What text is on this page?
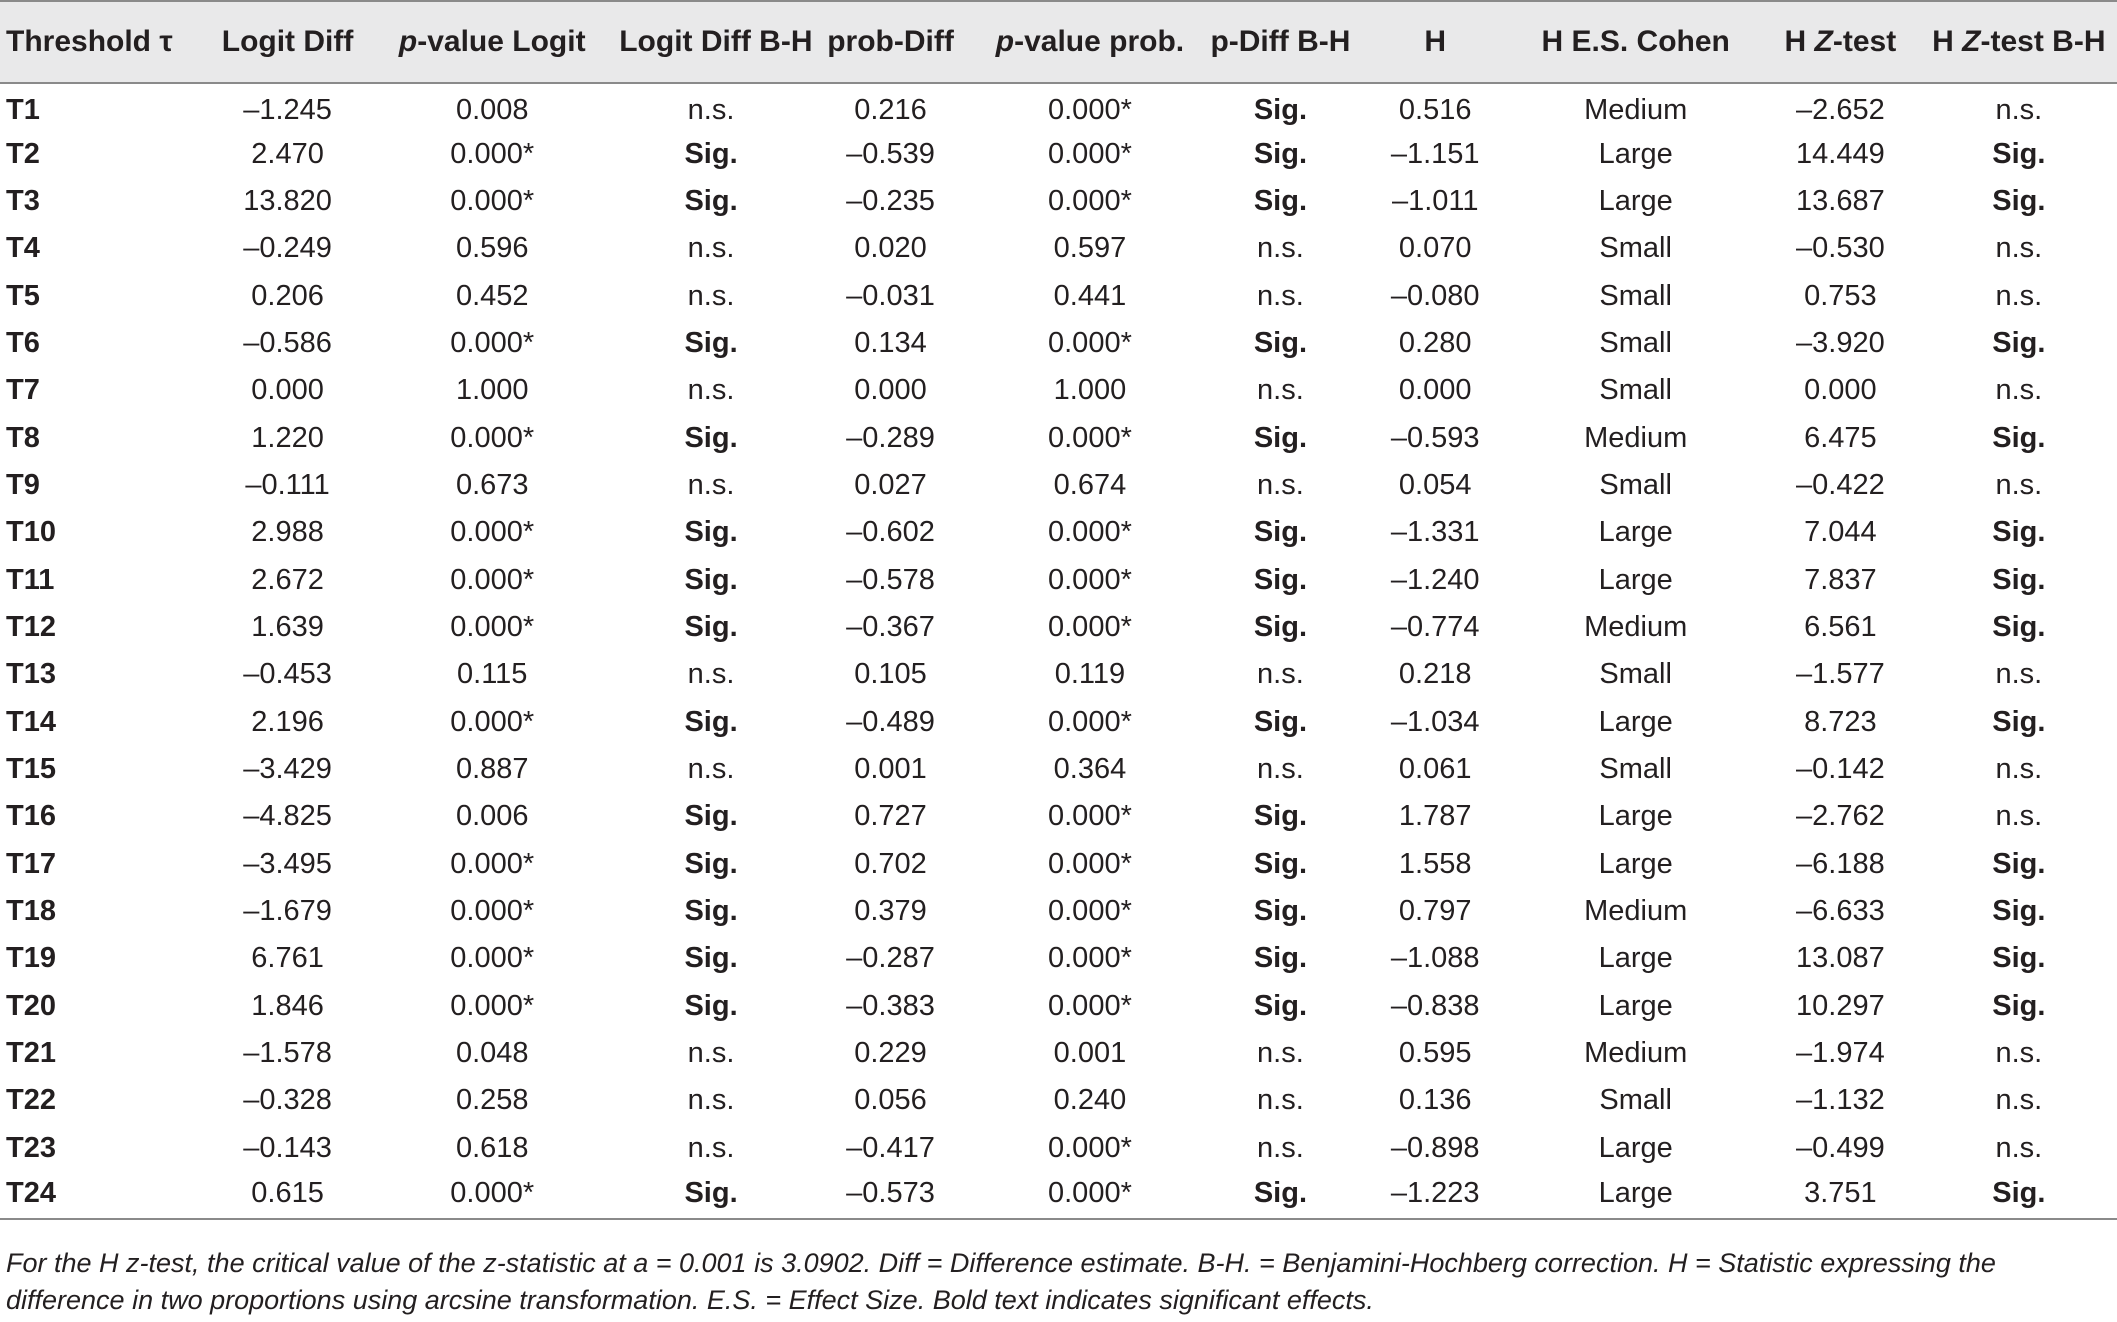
Threshold τ	Logit Diff	p-value Logit	Logit Diff B-H	prob-Diff	p-value prob.	p-Diff B-H	H	H E.S. Cohen	H Z-test	H Z-test B-H
T1	–1.245	0.008	n.s.	0.216	0.000*	Sig.	0.516	Medium	–2.652	n.s.
T2	2.470	0.000*	Sig.	–0.539	0.000*	Sig.	–1.151	Large	14.449	Sig.
T3	13.820	0.000*	Sig.	–0.235	0.000*	Sig.	–1.011	Large	13.687	Sig.
T4	–0.249	0.596	n.s.	0.020	0.597	n.s.	0.070	Small	–0.530	n.s.
T5	0.206	0.452	n.s.	–0.031	0.441	n.s.	–0.080	Small	0.753	n.s.
T6	–0.586	0.000*	Sig.	0.134	0.000*	Sig.	0.280	Small	–3.920	Sig.
T7	0.000	1.000	n.s.	0.000	1.000	n.s.	0.000	Small	0.000	n.s.
T8	1.220	0.000*	Sig.	–0.289	0.000*	Sig.	–0.593	Medium	6.475	Sig.
T9	–0.111	0.673	n.s.	0.027	0.674	n.s.	0.054	Small	–0.422	n.s.
T10	2.988	0.000*	Sig.	–0.602	0.000*	Sig.	–1.331	Large	7.044	Sig.
T11	2.672	0.000*	Sig.	–0.578	0.000*	Sig.	–1.240	Large	7.837	Sig.
T12	1.639	0.000*	Sig.	–0.367	0.000*	Sig.	–0.774	Medium	6.561	Sig.
T13	–0.453	0.115	n.s.	0.105	0.119	n.s.	0.218	Small	–1.577	n.s.
T14	2.196	0.000*	Sig.	–0.489	0.000*	Sig.	–1.034	Large	8.723	Sig.
T15	–3.429	0.887	n.s.	0.001	0.364	n.s.	0.061	Small	–0.142	n.s.
T16	–4.825	0.006	Sig.	0.727	0.000*	Sig.	1.787	Large	–2.762	n.s.
T17	–3.495	0.000*	Sig.	0.702	0.000*	Sig.	1.558	Large	–6.188	Sig.
T18	–1.679	0.000*	Sig.	0.379	0.000*	Sig.	0.797	Medium	–6.633	Sig.
T19	6.761	0.000*	Sig.	–0.287	0.000*	Sig.	–1.088	Large	13.087	Sig.
T20	1.846	0.000*	Sig.	–0.383	0.000*	Sig.	–0.838	Large	10.297	Sig.
T21	–1.578	0.048	n.s.	0.229	0.001	n.s.	0.595	Medium	–1.974	n.s.
T22	–0.328	0.258	n.s.	0.056	0.240	n.s.	0.136	Small	–1.132	n.s.
T23	–0.143	0.618	n.s.	–0.417	0.000*	n.s.	–0.898	Large	–0.499	n.s.
T24	0.615	0.000*	Sig.	–0.573	0.000*	Sig.	–1.223	Large	3.751	Sig.
For the H z-test, the critical value of the z-statistic at a = 0.001 is 3.0902. Diff = Difference estimate. B-H. = Benjamini-Hochberg correction. H = Statistic expressing the
difference in two proportions using arcsine transformation. E.S. = Effect Size. Bold text indicates significant effects.
